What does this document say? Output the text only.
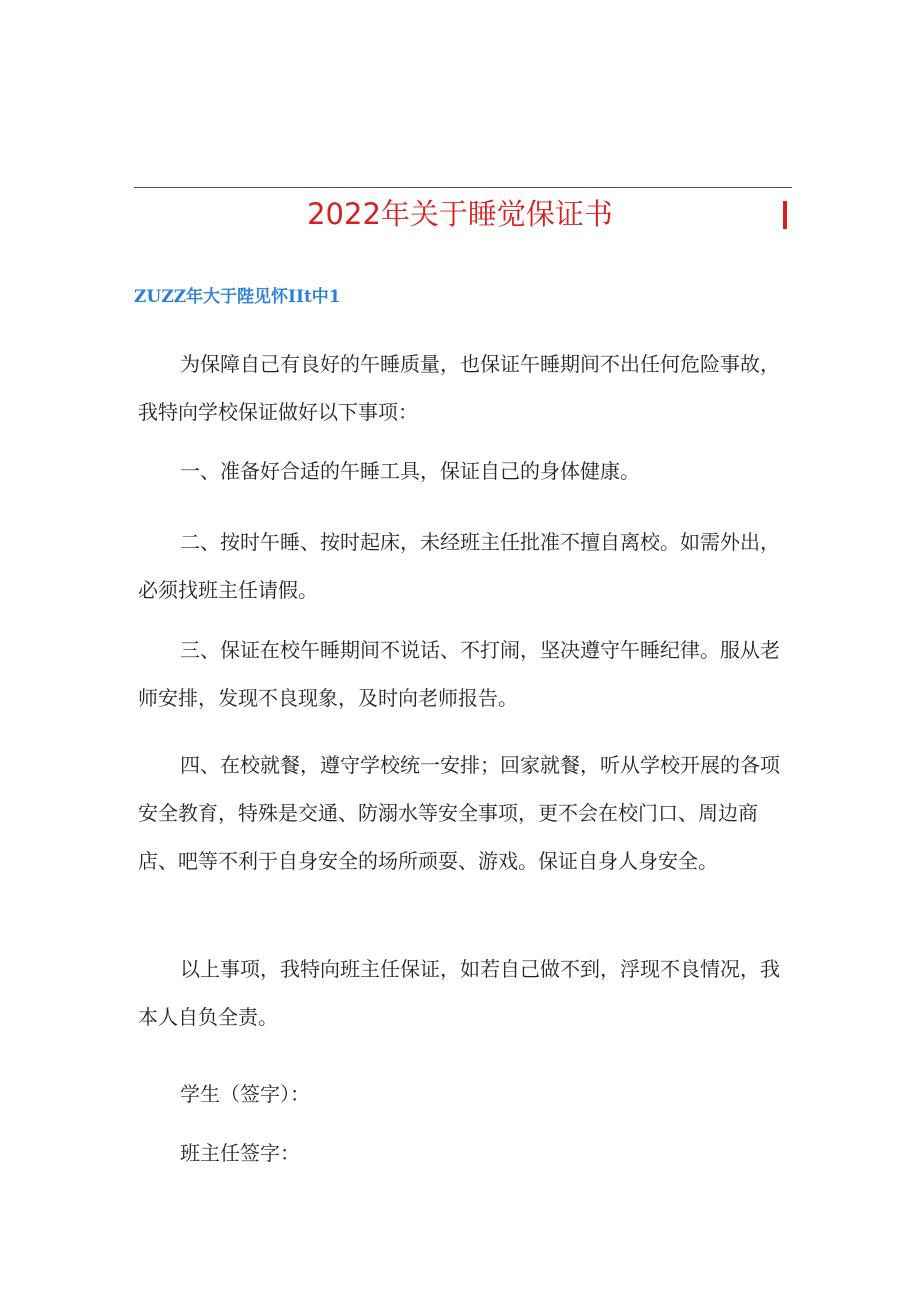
2022年关于睡觉保证书
ZUZZ年大于陛见怀IIt中1

为保障自己有良好的午睡质量，也保证午睡期间不出任何危险事故，我特向学校保证做好以下事项：

一、准备好合适的午睡工具，保证自己的身体健康。

二、按时午睡、按时起床，未经班主任批准不擅自离校。如需外出，必须找班主任请假。

三、保证在校午睡期间不说话、不打闹，坚决遵守午睡纪律。服从老师安排，发现不良现象，及时向老师报告。

四、在校就餐，遵守学校统一安排；回家就餐，听从学校开展的各项安全教育，特殊是交通、防溺水等安全事项，更不会在校门口、周边商店、吧等不利于自身安全的场所顽耍、游戏。保证自身人身安全。

以上事项，我特向班主任保证，如若自己做不到，浮现不良情况，我本人自负全责。

学生（签字）：
班主任签字：
